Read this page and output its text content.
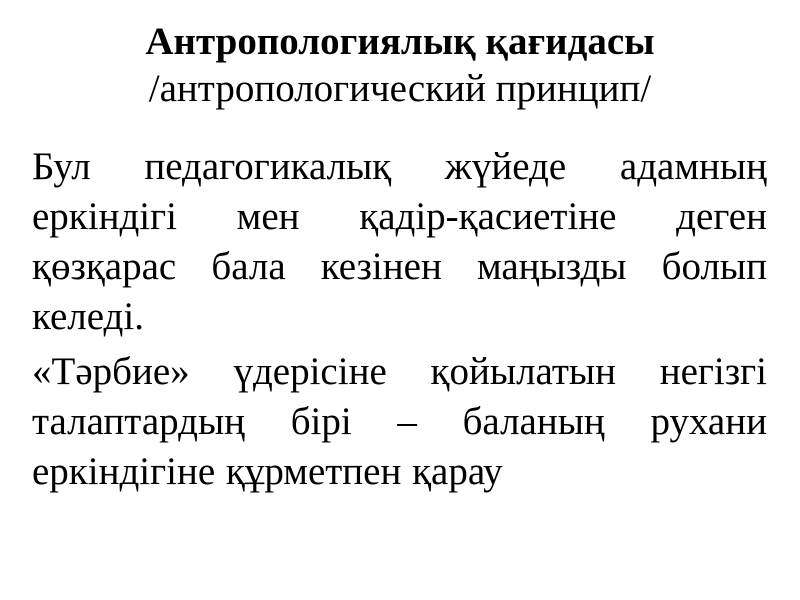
Антропологиялық қағидасы
/антропологический принцип/
Бул педагогикалық жүйеде адамның
еркіндігі мен қадір-қасиетіне деген
қөзқарас бала кезінен маңызды болып
келеді.
«Тәрбие» үдерісіне қойылатын негізгі
талаптардың бірі – баланың рухани
еркіндігіне құрметпен қарау
